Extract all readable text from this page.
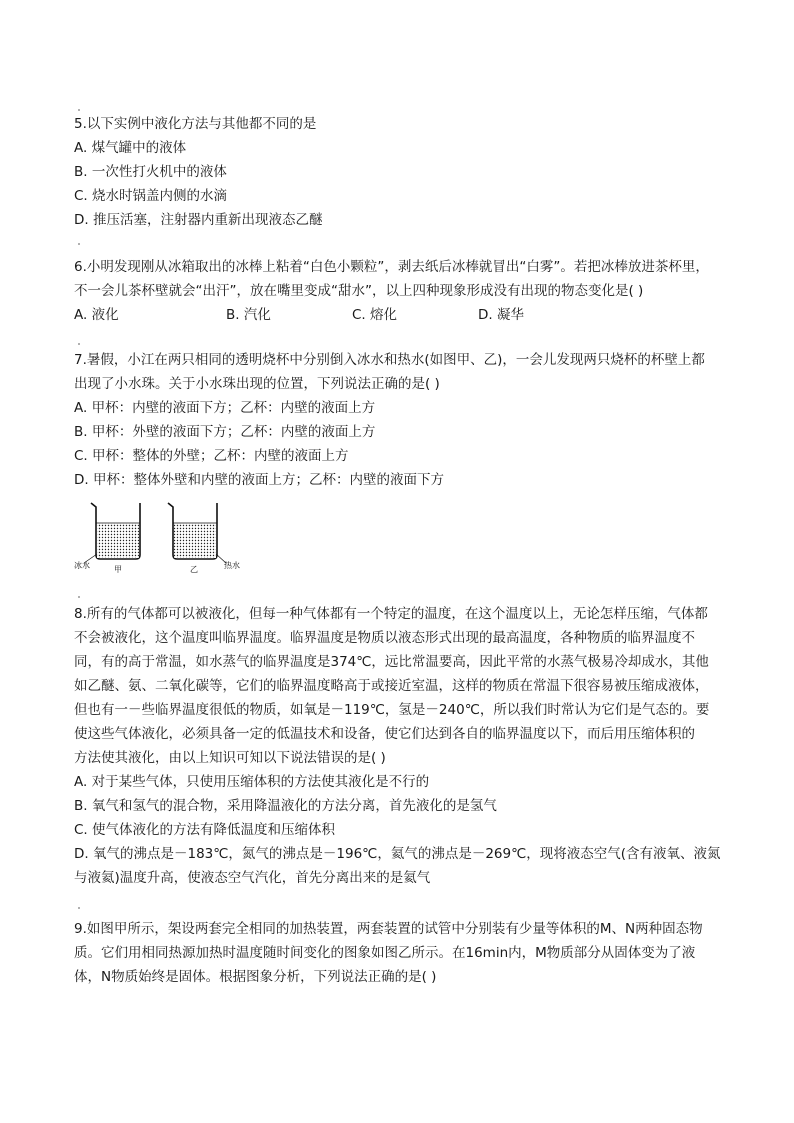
5.以下实例中液化方法与其他都不同的是
A. 煤气罐中的液体
B. 一次性打火机中的液体
C. 烧水时锅盖内侧的水滴
D. 推压活塞，注射器内重新出现液态乙醚
6.小明发现刚从冰箱取出的冰棒上粘着“白色小颗粒”，剥去纸后冰棒就冒出“白雾”。若把冰棒放进茶杯里，
不一会儿茶杯壁就会“出汗”，放在嘴里变成“甜水”，以上四种现象形成没有出现的物态变化是( )
A. 液化	B. 汽化	C. 熔化	D. 凝华
7.暑假，小江在两只相同的透明烧杯中分别倒入冰水和热水(如图甲、乙)，一会儿发现两只烧杯的杯壁上都
出现了小水珠。关于小水珠出现的位置，下列说法正确的是( )
A. 甲杯：内壁的液面下方；乙杯：内壁的液面上方
B. 甲杯：外壁的液面下方；乙杯：内壁的液面上方
C. 甲杯：整体的外壁；乙杯：内壁的液面上方
D. 甲杯：整体外壁和内壁的液面上方；乙杯：内壁的液面下方
冰水	甲	乙	热水
8.所有的气体都可以被液化，但每一种气体都有一个特定的温度，在这个温度以上，无论怎样压缩，气体都
不会被液化，这个温度叫临界温度。临界温度是物质以液态形式出现的最高温度，各种物质的临界温度不
同，有的高于常温，如水蒸气的临界温度是374℃，远比常温要高，因此平常的水蒸气极易冷却成水，其他
如乙醚、氨、二氧化碳等，它们的临界温度略高于或接近室温，这样的物质在常温下很容易被压缩成液体，
但也有一－些临界温度很低的物质，如氧是－119℃，氢是－240℃，所以我们时常认为它们是气态的。要
使这些气体液化，必须具备一定的低温技术和设备，使它们达到各自的临界温度以下，而后用压缩体积的
方法使其液化，由以上知识可知以下说法错误的是( )
A. 对于某些气体，只使用压缩体积的方法使其液化是不行的
B. 氧气和氢气的混合物，采用降温液化的方法分离，首先液化的是氢气
C. 使气体液化的方法有降低温度和压缩体积
D. 氧气的沸点是－183℃，氮气的沸点是－196℃，氦气的沸点是－269℃，现将液态空气(含有液氧、液氮
与液氦)温度升高，使液态空气汽化，首先分离出来的是氦气
9.如图甲所示，架设两套完全相同的加热装置，两套装置的试管中分别装有少量等体积的M、N两种固态物
质。它们用相同热源加热时温度随时间变化的图象如图乙所示。在16min内，M物质部分从固体变为了液
体，N物质始终是固体。根据图象分析，下列说法正确的是( )
